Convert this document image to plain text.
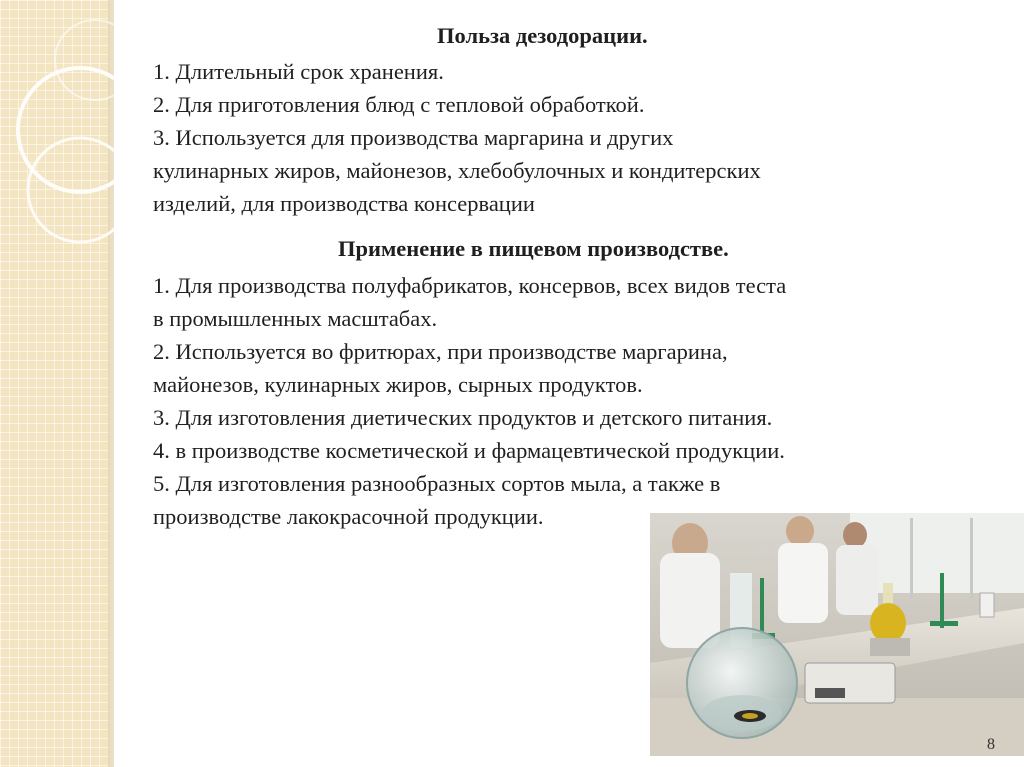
Польза дезодорации.
1. Длительный срок хранения.
2. Для приготовления блюд с тепловой обработкой.
3. Используется для производства маргарина и других
кулинарных жиров, майонезов, хлебобулочных и кондитерских
изделий, для производства консервации
Применение в пищевом производстве.
1. Для производства полуфабрикатов, консервов, всех видов теста
в промышленных масштабах.
2. Используется во фритюрах, при производстве маргарина,
майонезов, кулинарных жиров, сырных продуктов.
3. Для изготовления диетических продуктов и детского питания.
4. в производстве косметической и фармацевтической продукции.
5. Для изготовления разнообразных сортов мыла, а также в
производстве лакокрасочной продукции.
8
